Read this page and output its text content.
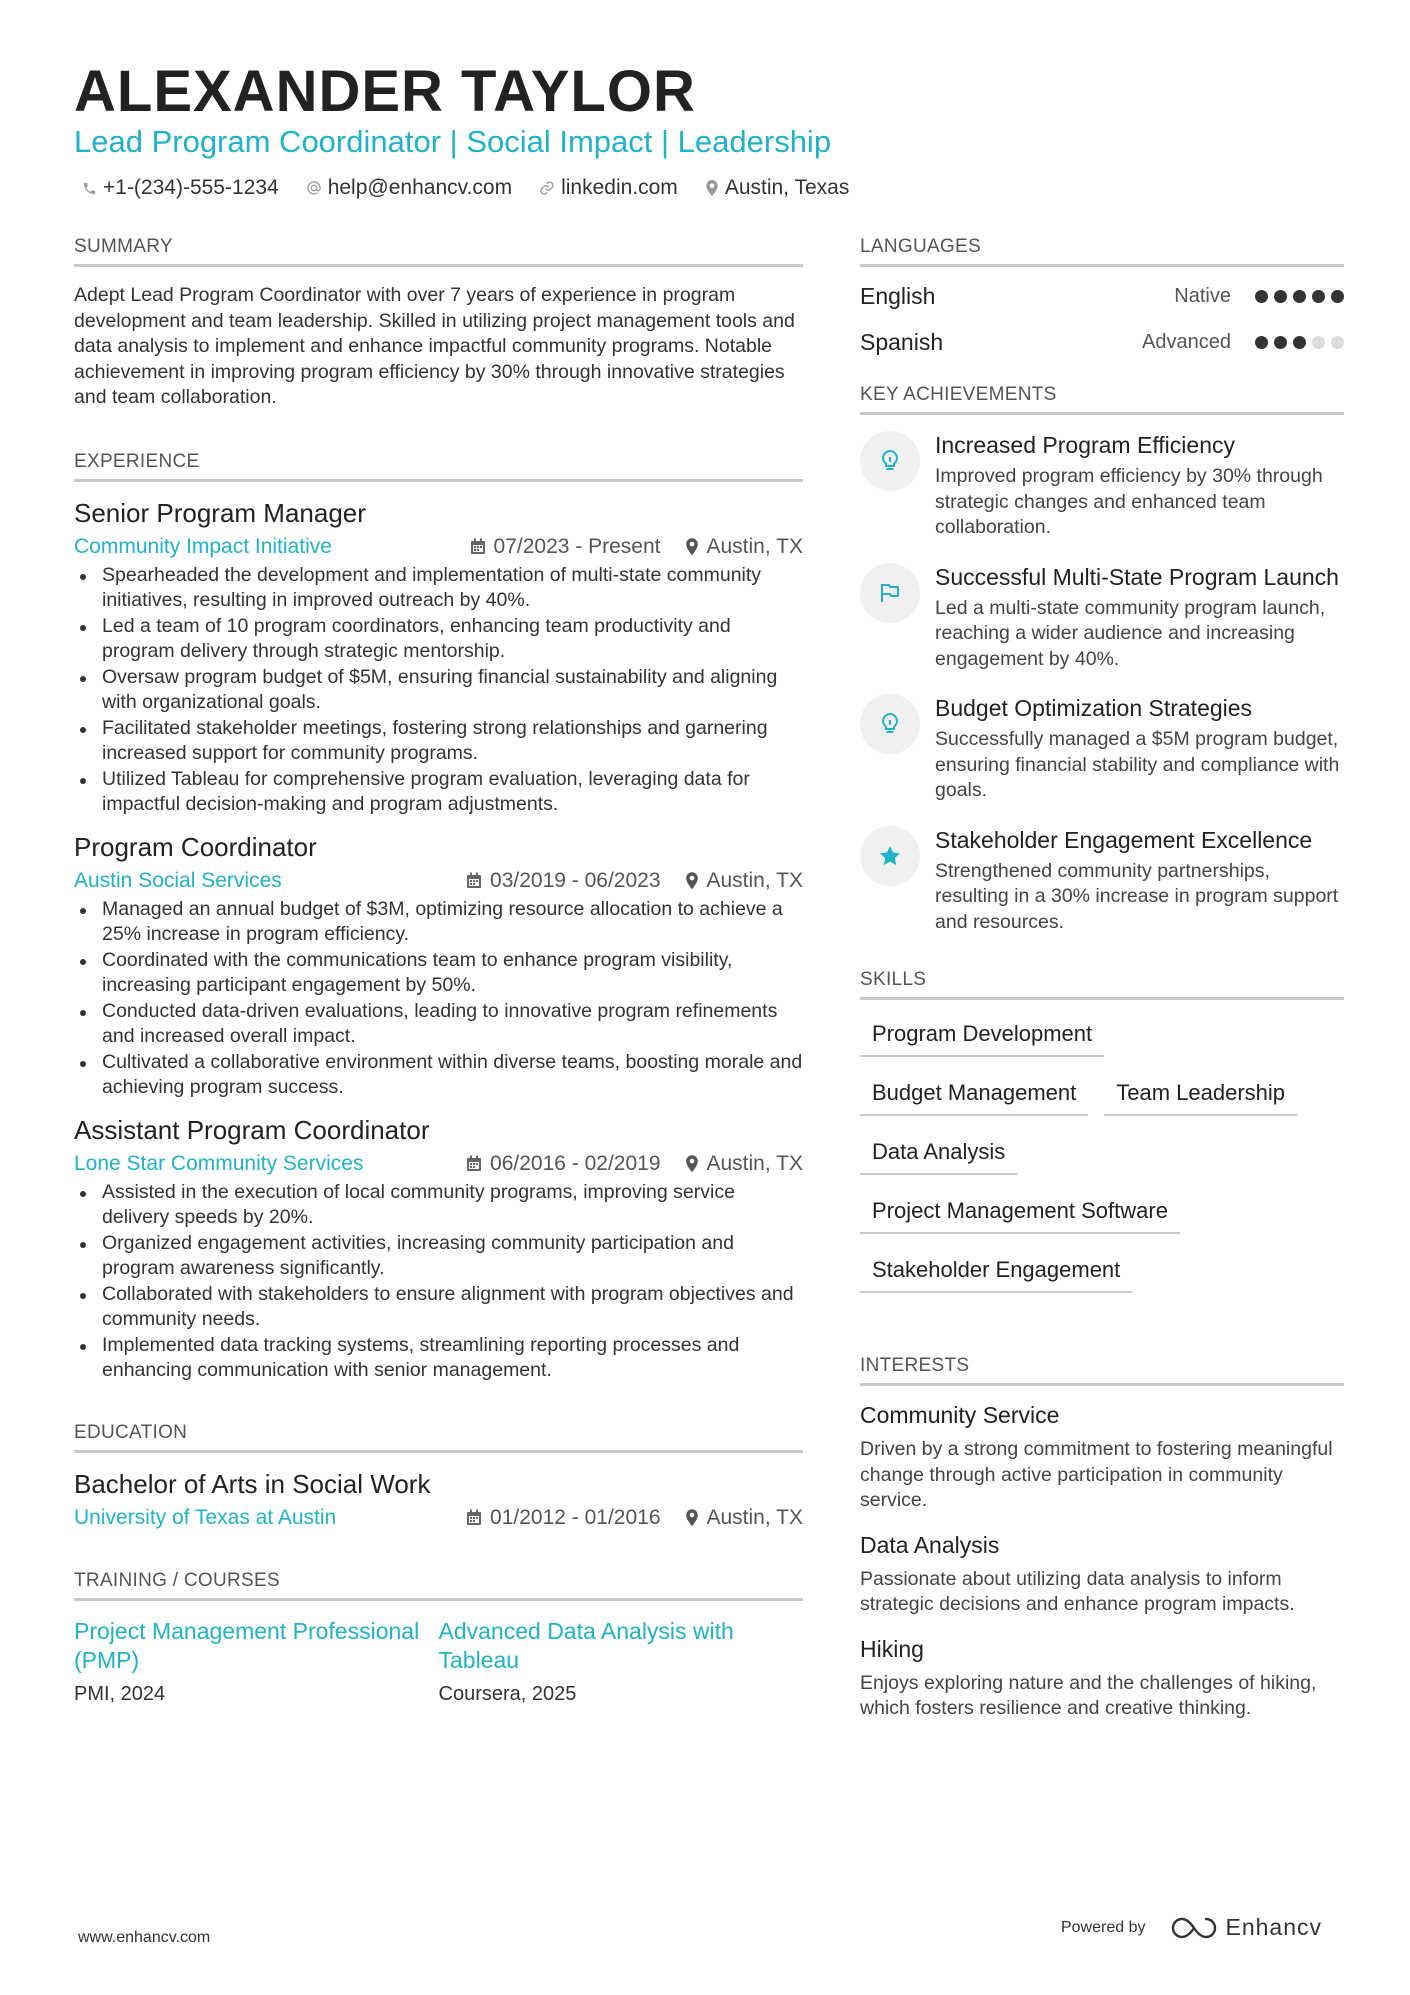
ALEXANDER TAYLOR
Lead Program Coordinator | Social Impact | Leadership
+1-(234)-555-1234 help@enhancv.com linkedin.com Austin, Texas
SUMMARY

Adept Lead Program Coordinator with over 7 years of experience in program development and team leadership. Skilled in utilizing project management tools and data analysis to implement and enhance impactful community programs. Notable achievement in improving program efficiency by 30% through innovative strategies and team collaboration.

EXPERIENCE
Senior Program Manager
Community Impact Initiative	07/2023 - Present Austin, TX
Spearheaded the development and implementation of multi-state community initiatives, resulting in improved outreach by 40%.
Led a team of 10 program coordinators, enhancing team productivity and program delivery through strategic mentorship.
Oversaw program budget of $5M, ensuring financial sustainability and aligning with organizational goals.
Facilitated stakeholder meetings, fostering strong relationships and garnering increased support for community programs.
Utilized Tableau for comprehensive program evaluation, leveraging data for impactful decision-making and program adjustments.
Program Coordinator
Austin Social Services	03/2019 - 06/2023 Austin, TX
Managed an annual budget of $3M, optimizing resource allocation to achieve a 25% increase in program efficiency.
Coordinated with the communications team to enhance program visibility, increasing participant engagement by 50%.
Conducted data-driven evaluations, leading to innovative program refinements and increased overall impact.
Cultivated a collaborative environment within diverse teams, boosting morale and achieving program success.
Assistant Program Coordinator
Lone Star Community Services	06/2016 - 02/2019 Austin, TX
Assisted in the execution of local community programs, improving service delivery speeds by 20%.
Organized engagement activities, increasing community participation and program awareness significantly.
Collaborated with stakeholders to ensure alignment with program objectives and community needs.
Implemented data tracking systems, streamlining reporting processes and enhancing communication with senior management.
EDUCATION
Bachelor of Arts in Social Work
University of Texas at Austin	01/2012 - 01/2016 Austin, TX
TRAINING / COURSES
Project Management Professional (PMP)
PMI, 2024
Advanced Data Analysis with Tableau
Coursera, 2025
LANGUAGES
English	Native
Spanish	Advanced
KEY ACHIEVEMENTS
Increased Program Efficiency
Improved program efficiency by 30% through strategic changes and enhanced team collaboration.
Successful Multi-State Program Launch
Led a multi-state community program launch, reaching a wider audience and increasing engagement by 40%.
Budget Optimization Strategies
Successfully managed a $5M program budget, ensuring financial stability and compliance with goals.
Stakeholder Engagement Excellence
Strengthened community partnerships, resulting in a 30% increase in program support and resources.
SKILLS
Program Development
Budget Management	Team Leadership
Data Analysis
Project Management Software
Stakeholder Engagement
INTERESTS
Community Service
Driven by a strong commitment to fostering meaningful change through active participation in community service.
Data Analysis
Passionate about utilizing data analysis to inform strategic decisions and enhance program impacts.
Hiking
Enjoys exploring nature and the challenges of hiking, which fosters resilience and creative thinking.
www.enhancv.com
Powered by	Enhancv
